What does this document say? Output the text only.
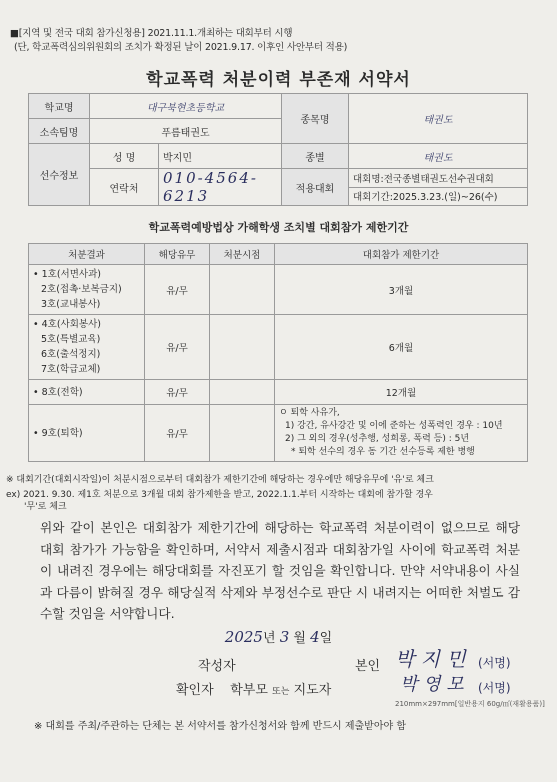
■[지역 및 전국 대회 참가신청용] 2021.11.1.개최하는 대회부터 시행
(단, 학교폭력심의위원회의 조치가 확정된 날이 2021.9.17. 이후인 사안부터 적용)
학교폭력 처분이력 부존재 서약서
학교명	대구북현초등학교		종목명	태권도
소속팀명	푸름태권도			
선수정보	성 명	박지민	종별	태권도
	연락처	010-4564-6213	적용대회	대회명:전국종별태권도선수권대회
				대회기간:2025.3.23.(일)~26(수)
학교폭력예방법상 가해학생 조치별 대회참가 제한기간
처분결과	해당유무	처분시점	대회참가 제한기간

• 1호(서면사과)
2호(접촉·보복금지)
3호(교내봉사)	유/무		3개월

• 4호(사회봉사)
5호(특별교육)
6호(출석정지)
7호(학급교체)	유/무		6개월

• 8호(전학)	유/무		12개월

• 9호(퇴학)	유/무		ㅇ 퇴학 사유가,
1) 강간, 유사강간 및 이에 준하는 성폭력인 경우 : 10년
2) 그 외의 경우(성추행, 성희롱, 폭력 등) : 5년
* 퇴학 선수의 경우 동 기간 선수등록 제한 병행
※ 대회기간(대회시작일)이 처분시점으로부터 대회참가 제한기간에 해당하는 경우에만 해당유무에 '유'로 체크
ex) 2021. 9.30. 제1호 처분으로 3개월 대회 참가제한을 받고, 2022.1.1.부터 시작하는 대회에 참가할 경우
'무'로 체크
위와 같이 본인은 대회참가 제한기간에 해당하는 학교폭력 처분이력이 없으므로 해당 대회 참가가 가능함을 확인하며, 서약서 제출시점과 대회참가일 사이에 학교폭력 처분이 내려진 경우에는 해당대회를 자진포기 할 것임을 확인합니다. 만약 서약내용이 사실과 다름이 밝혀질 경우 해당실적 삭제와 부정선수로 판단 시 내려지는 어떠한 처벌도 감수할 것임을 서약합니다.
2025년 3 월 4일
작성자	본인 박 지 민 (서명)
확인자 학부모 또는 지도자	박 영 모 (서명)
210mm×297mm[일반용지 60g/㎡(재활용품)]
※ 대회를 주최/주관하는 단체는 본 서약서를 참가신청서와 함께 반드시 제출받아야 함
